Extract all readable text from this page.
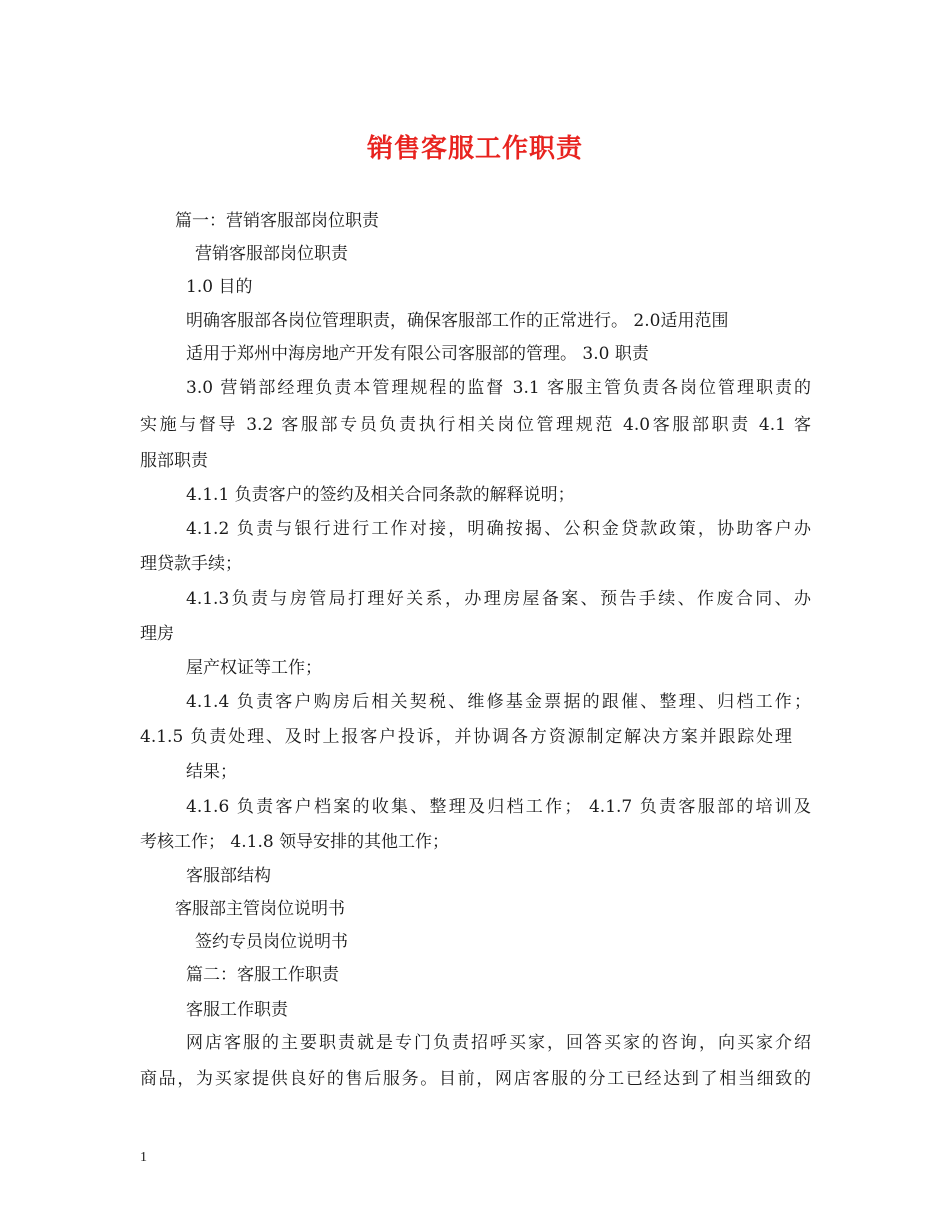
销售客服工作职责
篇一：营销客服部岗位职责
营销客服部岗位职责
1.0 目的
明确客服部各岗位管理职责，确保客服部工作的正常进行。 2.0适用范围
适用于郑州中海房地产开发有限公司客服部的管理。 3.0 职责
3.0 营销部经理负责本管理规程的监督 3.1 客服主管负责各岗位管理职责的
实施与督导 3.2 客服部专员负责执行相关岗位管理规范 4.0客服部职责 4.1 客
服部职责
4.1.1 负责客户的签约及相关合同条款的解释说明；
4.1.2 负责与银行进行工作对接，明确按揭、公积金贷款政策，协助客户办
理贷款手续；
4.1.3负责与房管局打理好关系，办理房屋备案、预告手续、作废合同、办
理房
屋产权证等工作；
4.1.4 负责客户购房后相关契税、维修基金票据的跟催、整理、归档工作；
4.1.5 负责处理、及时上报客户投诉，并协调各方资源制定解决方案并跟踪处理
结果；
4.1.6 负责客户档案的收集、整理及归档工作； 4.1.7 负责客服部的培训及
考核工作； 4.1.8 领导安排的其他工作；
客服部结构
客服部主管岗位说明书
签约专员岗位说明书
篇二：客服工作职责
客服工作职责
网店客服的主要职责就是专门负责招呼买家，回答买家的咨询，向买家介绍
商品，为买家提供良好的售后服务。目前，网店客服的分工已经达到了相当细致的
1
